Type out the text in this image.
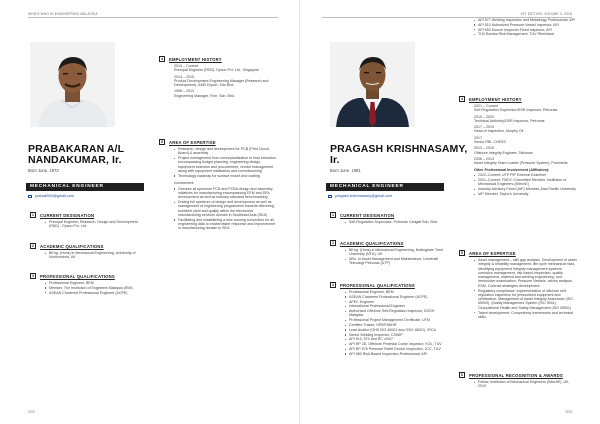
WHO'S WHO IN ENGINEERING MALAYSIA
PRABAKARAN A/L
NANDAKUMAR, Ir.
Born June, 1973
MECHANICAL ENGINEER
prabak900@gmail.com
1	CURRENT DESIGNATION
Principal Engineer, Research, Design and Development (RDD) - Dyson Pvt. Ltd.
2	ACADEMIC QUALIFICATIONS
BEng. (Hons) in Mechanical Engineering, University of Northumbria, UK
3	PROFESSIONAL QUALIFICATIONS
Professional Engineer, BEM
Member, The Institution of Engineers Malaysia (IEM)
ASEAN Chartered Professional Engineer (ACPE)
4	EMPLOYMENT HISTORY

2015 – Current
Principal Engineer (RDD), Dyson Pvt. Ltd., Singapore

2014 – 2015
Product Development Engineering Manager (Research and Development), AMD Export, Sdn Bhd.

1998 – 2013
Engineering Manager, Fine. Sdn. Bhd.

5	AREA OF EXPERTISE
Research, design and development for PCB (Print Circuit Board) & assembly
Project management from conceptualization to final execution encompassing budget planning, engineering design, equipment selection and procurement, vendor management along with equipment installation and commissioning
Technology roadmap for surface mount and coating

Involvement:

Oversee all spectrum PCB and PCBA design and assembly initiatives for manufacturing encompassing DFM and DFA development as well as industry standard benchmarking
Driving full spectrum of design and development as well as management of engineering programmes towards delivering excellent yield and quality within the electronics manufacturing services domain in Southeast Asia (SEA)
Facilitating and establishing a new running convention for all engineering data to enable faster response and improvement in manufacturing domain in SEA
202
1ST EDITION, VOLUME 3, 2018
PRAGASH KRISHNASAMY,
Ir.
Born June, 1981
MECHANICAL ENGINEER
pragash.krishnasamy@gmail.com
1	CURRENT DESIGNATION
Self-Regulation Supervisor, Petronas Carigali Sdn. Bhd.
2	ACADEMIC QUALIFICATIONS
BEng. (Hons) in Mechanical Engineering, Nottingham Trent University (NTU), UK
MSc. in Asset Management and Maintenance, Universiti Teknologi Petronas (UTP)
3	PROFESSIONAL QUALIFICATIONS
Professional Engineer, BEM
ASEAN Chartered Professional Engineer (ACPE)
APEC Engineer
International Professional Engineer
Authorised Offshore Self-Regulation Inspector, DOSH Malaysia
Professional Project Management Certificate, UTM
Certified Trainer, HRDF/MIHR
Lead Auditor (OHS ISO 45001 and OSH 18001), IRCA
Senior Welding Inspector, CSWIP
API 510, 570 and RC 4/947
API RP 2D, Offshore Pedestal Crane Inspector, KOL, TUV
API RP 576 Pressure Relief Device Inspection, JCC, TUV
API 580 Risk-Based Inspection-Professional, API
API 577 Welding Inspection and Metallurgy Professional, API
API 510 Authorized Pressure Vessel Inspector, API
API 653 Source Inspector Fixed Inspector, API
TUV Bomba Risk Management, TUV Rheinland
4	EMPLOYMENT HISTORY

2021 – Current
Self-Regulation Supervisor/DSR Inspector, Petronas

2019 – 2020
Technical Authority/DSR Inspector, Petronas

2017 – 2019
Head of Inspection, Murphy Oil

2017
Senior RBI, CHESS

2013 – 2016
Offshore Integrity Engineer, Talisman

2006 – 2013
Asset Integrity Team Leader (Pressure System), Prosmeds

Other Professional Involvement (Affiliation):

2022–Current: UTP PIP External Examiner
2021–Current: FMOC Committee Member, Institution of Mechanical Engineers (IMechE)
Industry Advisory Panel (IAP) Member, Aisa Pacific University
IAP Member, Taylor's University
5	AREA OF EXPERTISE
Asset management – skill gap analysis. Development of asset integrity & reliability management, life cycle mechanical risks, identifying equipment integrity management systems, corrosion management, risk-based inspection, quality management, material and welding engineering, non-destructive examination, Pressure Vessels, valves analysis, ESM, Contract strategies development
Regulatory compliance: Implementation of offshore self-regulation inspection for pressurised equipment and certification, Management of Asset Integrity Assurance (ISO 55000), Quality Management System (ISO 9001), Occupational Health and Safety Management (ISO 45001)
Talent development: Competency frameworks and technical skills
6	PROFESSIONAL RECOGNITION & AWARDS
Fellow, Institution of Mechanical Engineers (IMechE), UK, 2019
203
